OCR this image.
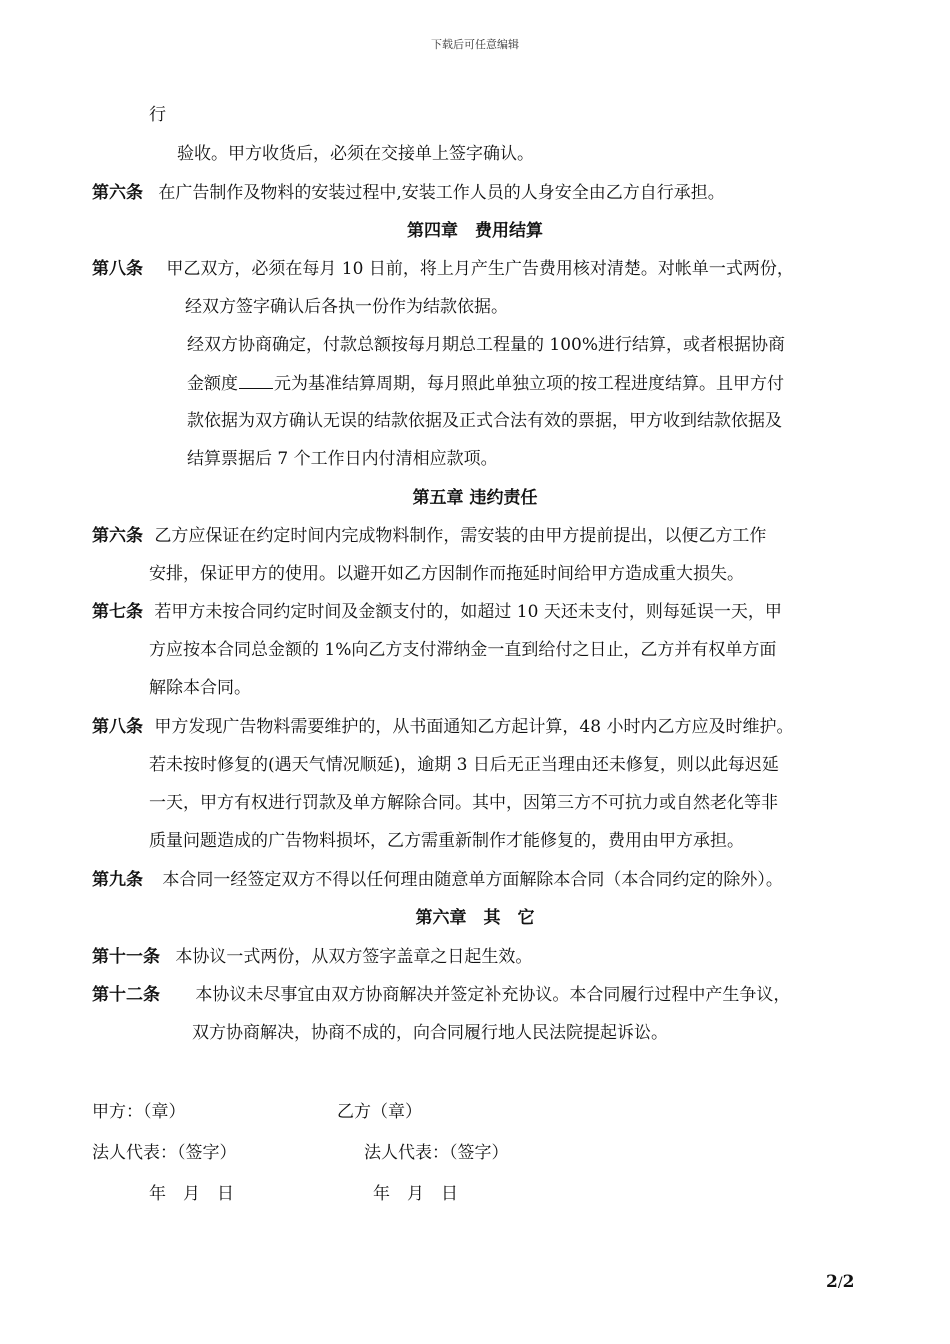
下载后可任意编辑
行
验收。甲方收货后，必须在交接单上签字确认。
第六条 在广告制作及物料的安装过程中,安装工作人员的人身安全由乙方自行承担。
第四章　费用结算
第八条 甲乙双方，必须在每月 10 日前，将上月产生广告费用核对清楚。对帐单一式两份，
经双方签字确认后各执一份作为结款依据。
经双方协商确定，付款总额按每月期总工程量的 100%进行结算，或者根据协商
金额度 元为基准结算周期，每月照此单独立项的按工程进度结算。且甲方付
款依据为双方确认无误的结款依据及正式合法有效的票据，甲方收到结款依据及
结算票据后 7 个工作日内付清相应款项。
第五章 违约责任
第六条 乙方应保证在约定时间内完成物料制作，需安装的由甲方提前提出，以便乙方工作
安排，保证甲方的使用。以避开如乙方因制作而拖延时间给甲方造成重大损失。
第七条 若甲方未按合同约定时间及金额支付的，如超过 10 天还未支付，则每延误一天，甲
方应按本合同总金额的 1%向乙方支付滞纳金一直到给付之日止，乙方并有权单方面
解除本合同。
第八条 甲方发现广告物料需要维护的，从书面通知乙方起计算，48 小时内乙方应及时维护。
若未按时修复的(遇天气情况顺延)，逾期 3 日后无正当理由还未修复，则以此每迟延
一天，甲方有权进行罚款及单方解除合同。其中，因第三方不可抗力或自然老化等非
质量问题造成的广告物料损坏，乙方需重新制作才能修复的，费用由甲方承担。
第九条 本合同一经签定双方不得以任何理由随意单方面解除本合同（本合同约定的除外）。
第六章　其　它
第十一条 本协议一式两份，从双方签字盖章之日起生效。
第十二条 本协议未尽事宜由双方协商解决并签定补充协议。本合同履行过程中产生争议，
双方协商解决，协商不成的，向合同履行地人民法院提起诉讼。
甲方：（章）	乙方（章）
法人代表：（签字）	法人代表：（签字）
年　月　日	年　月　日
2/2
